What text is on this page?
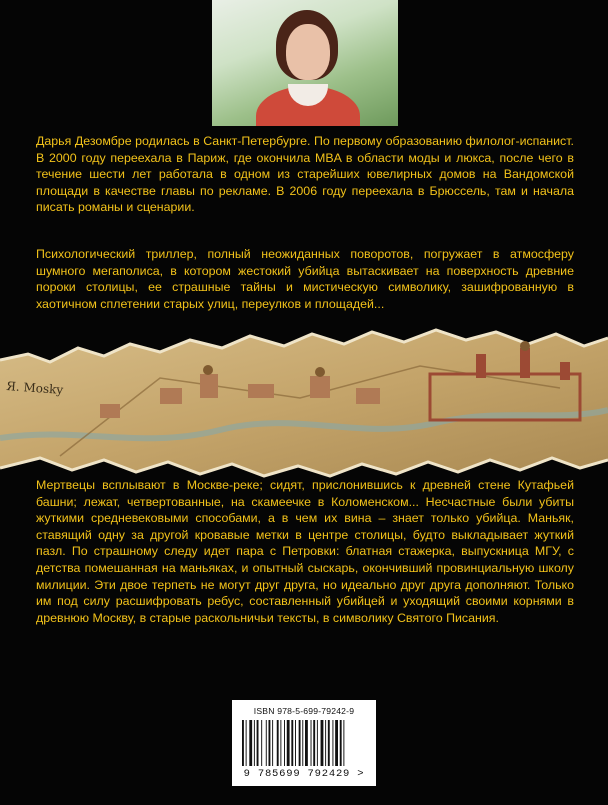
Дарья Дезомбре родилась в Санкт-Петербурге. По первому образованию филолог-испанист. В 2000 году переехала в Париж, где окончила MBA в области моды и люкса, после чего в течение шести лет работала в одном из старейших ювелирных домов на Вандомской площади в качестве главы по рекламе. В 2006 году переехала в Брюссель, там и начала писать романы и сценарии.

Психологический триллер, полный неожиданных поворотов, погружает в атмосферу шумного мегаполиса, в котором жестокий убийца вытаскивает на поверхность древние пороки столицы, ее страшные тайны и мистическую символику, зашифрованную в хаотичном сплетении старых улиц, переулков и площадей...

Я. Mosky

Мертвецы всплывают в Москве-реке; сидят, прислонившись к древней стене Кутафьей башни; лежат, четвертованные, на скамеечке в Коломенском... Несчастные были убиты жуткими средневековыми способами, а в чем их вина – знает только убийца. Маньяк, ставящий одну за другой кровавые метки в центре столицы, будто выкладывает жуткий пазл. По страшному следу идет пара с Петровки: блатная стажерка, выпускница МГУ, с детства помешанная на маньяках, и опытный сыскарь, окончивший провинциальную школу милиции. Эти двое терпеть не могут друг друга, но идеально друг друга дополняют. Только им под силу расшифровать ребус, составленный убийцей и уходящий своими корнями в древнюю Москву, в старые раскольничьи тексты, в символику Святого Писания.

ISBN 978-5-699-79242-9
9 785699 792429 >
